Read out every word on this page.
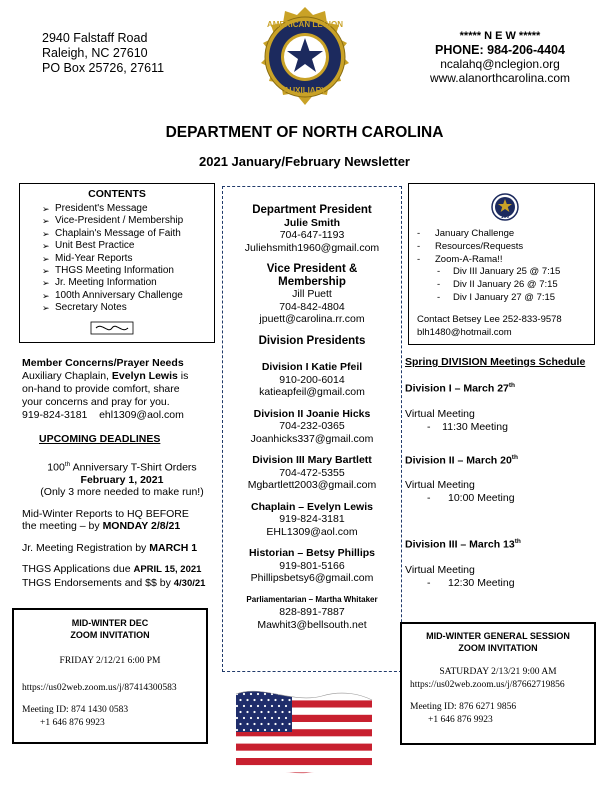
2940 Falstaff Road
Raleigh, NC 27610
PO Box 25726, 27611
AMERICAN LEGION
AUXILIARY
***** N E W *****
PHONE: 984-206-4404
ncalahq@nclegion.org
www.alanorthcarolina.com
DEPARTMENT OF NORTH CAROLINA
2021 January/February Newsletter
CONTENTS
➢ President's Message
➢ Vice-President / Membership
➢ Chaplain's Message of Faith
➢ Unit Best Practice
➢ Mid-Year Reports
➢ THGS Meeting Information
➢ Jr. Meeting Information
➢ 100th Anniversary Challenge
➢ Secretary Notes
Member Concerns/Prayer Needs
Auxiliary Chaplain, Evelyn Lewis is
on-hand to provide comfort, share
your concerns and pray for you.
919-824-3181 ehl1309@aol.com
UPCOMING DEADLINES

100th Anniversary T-Shirt Orders

February 1, 2021

(Only 3 more needed to make run!)

Mid-Winter Reports to HQ BEFORE

the meeting – by MONDAY 2/8/21

Jr. Meeting Registration by MARCH 1

THGS Applications due APRIL 15, 2021

THGS Endorsements and $$ by 4/30/21

Department President
Julie Smith
704-647-1193
Juliehsmith1960@gmail.com
Vice President &
Membership
Jill Puett
704-842-4804
jpuett@carolina.rr.com
Division Presidents
Division I Katie Pfeil
910-200-6014
katieapfeil@gmail.com
Division II Joanie Hicks
704-232-0365
Joanhicks337@gmail.com
Division III Mary Bartlett
704-472-5355
Mgbartlett2003@gmail.com
Chaplain – Evelyn Lewis
919-824-3181
EHL1309@aol.com
Historian – Betsy Phillips
919-801-5166
Phillipsbetsy6@gmail.com
Parliamentarian – Martha Whitaker
828-891-7887
Mawhit3@bellsouth.net
100
- January Challenge
- Resources/Requests
- Zoom-A-Rama!!
- Div III January 25 @ 7:15
- Div II January 26 @ 7:15
- Div I January 27 @ 7:15
Contact Betsey Lee 252-833-9578
blh1480@hotmail.com
Spring DIVISION Meetings Schedule
Division I – March 27th
Virtual Meeting
-    11:30 Meeting
Division II – March 20th
Virtual Meeting
-      10:00 Meeting
Division III – March 13th
Virtual Meeting
-      12:30 Meeting
MID-WINTER DEC
ZOOM INVITATION
FRIDAY 2/12/21 6:00 PM
https://us02web.zoom.us/j/87414300583
Meeting ID: 874 1430 0583
+1 646 876 9923
MID-WINTER GENERAL SESSION
ZOOM INVITATION
SATURDAY 2/13/21 9:00 AM
https://us02web.zoom.us/j/87662719856
Meeting ID: 876 6271 9856
+1 646 876 9923
